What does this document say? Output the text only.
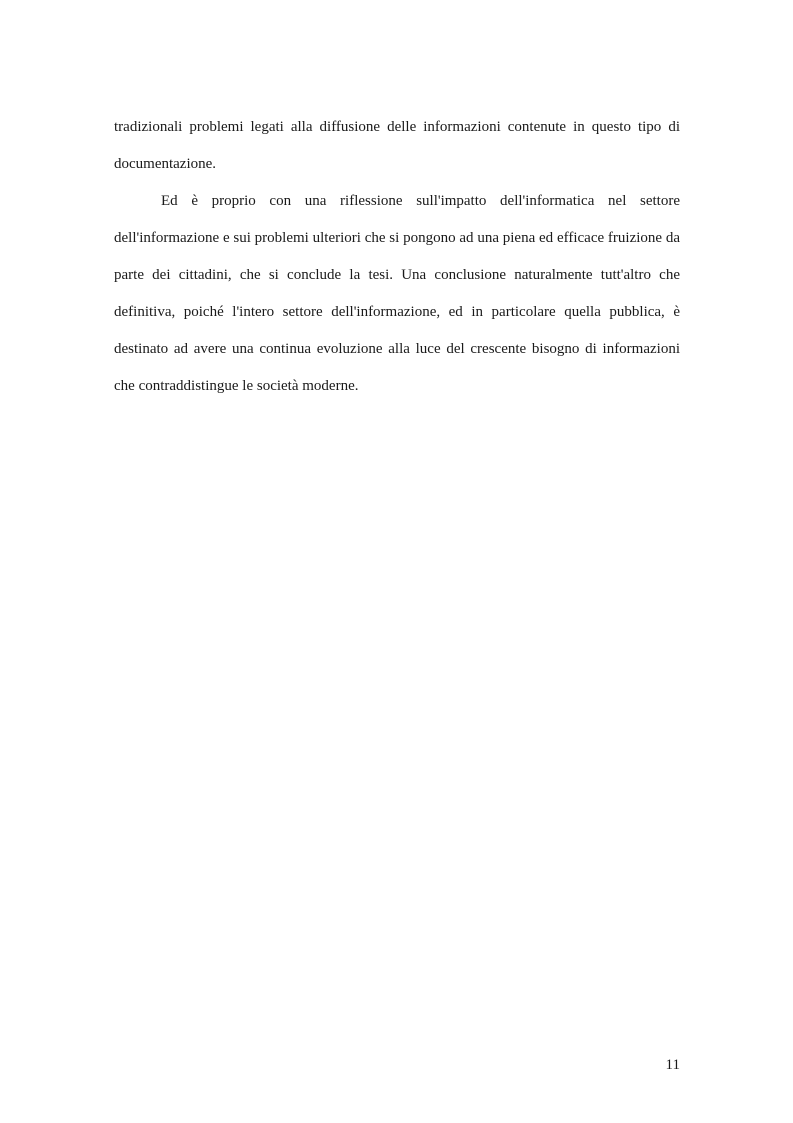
tradizionali problemi legati alla diffusione delle informazioni contenute in questo tipo di documentazione.

Ed è proprio con una riflessione sull'impatto dell'informatica nel settore dell'informazione e sui problemi ulteriori che si pongono ad una piena ed efficace fruizione da parte dei cittadini, che si conclude la tesi. Una conclusione naturalmente tutt'altro che definitiva, poiché l'intero settore dell'informazione, ed in particolare quella pubblica, è destinato ad avere una continua evoluzione alla luce del crescente bisogno di informazioni che contraddistingue le società moderne.

11
